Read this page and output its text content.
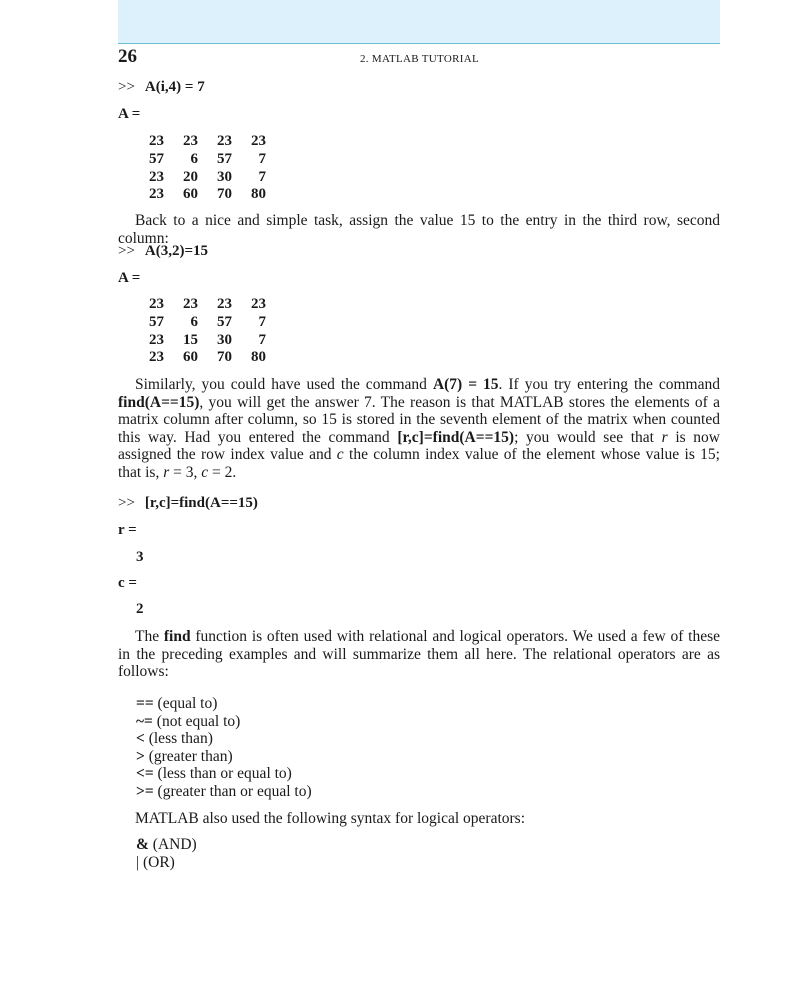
26	2. MATLAB TUTORIAL
>> A(i,4) = 7
A =
23	23	23	23
57	6	57	7
23	20	30	7
23	60	70	80

Back to a nice and simple task, assign the value 15 to the entry in the third row, second column:

>> A(3,2)=15
A =
23	23	23	23
57	6	57	7
23	15	30	7
23	60	70	80

Similarly, you could have used the command A(7) = 15. If you try entering the command find(A==15), you will get the answer 7. The reason is that MATLAB stores the elements of a matrix column after column, so 15 is stored in the seventh element of the matrix when counted this way. Had you entered the command [r,c]=find(A==15); you would see that r is now assigned the row index value and c the column index value of the element whose value is 15; that is, r = 3, c = 2.

>> [r,c]=find(A==15)
r =
3
c =
2

The find function is often used with relational and logical operators. We used a few of these in the preceding examples and will summarize them all here. The relational operators are as follows:

== (equal to)
~= (not equal to)
< (less than)
> (greater than)
<= (less than or equal to)
>= (greater than or equal to)

MATLAB also used the following syntax for logical operators:

& (AND)
| (OR)
